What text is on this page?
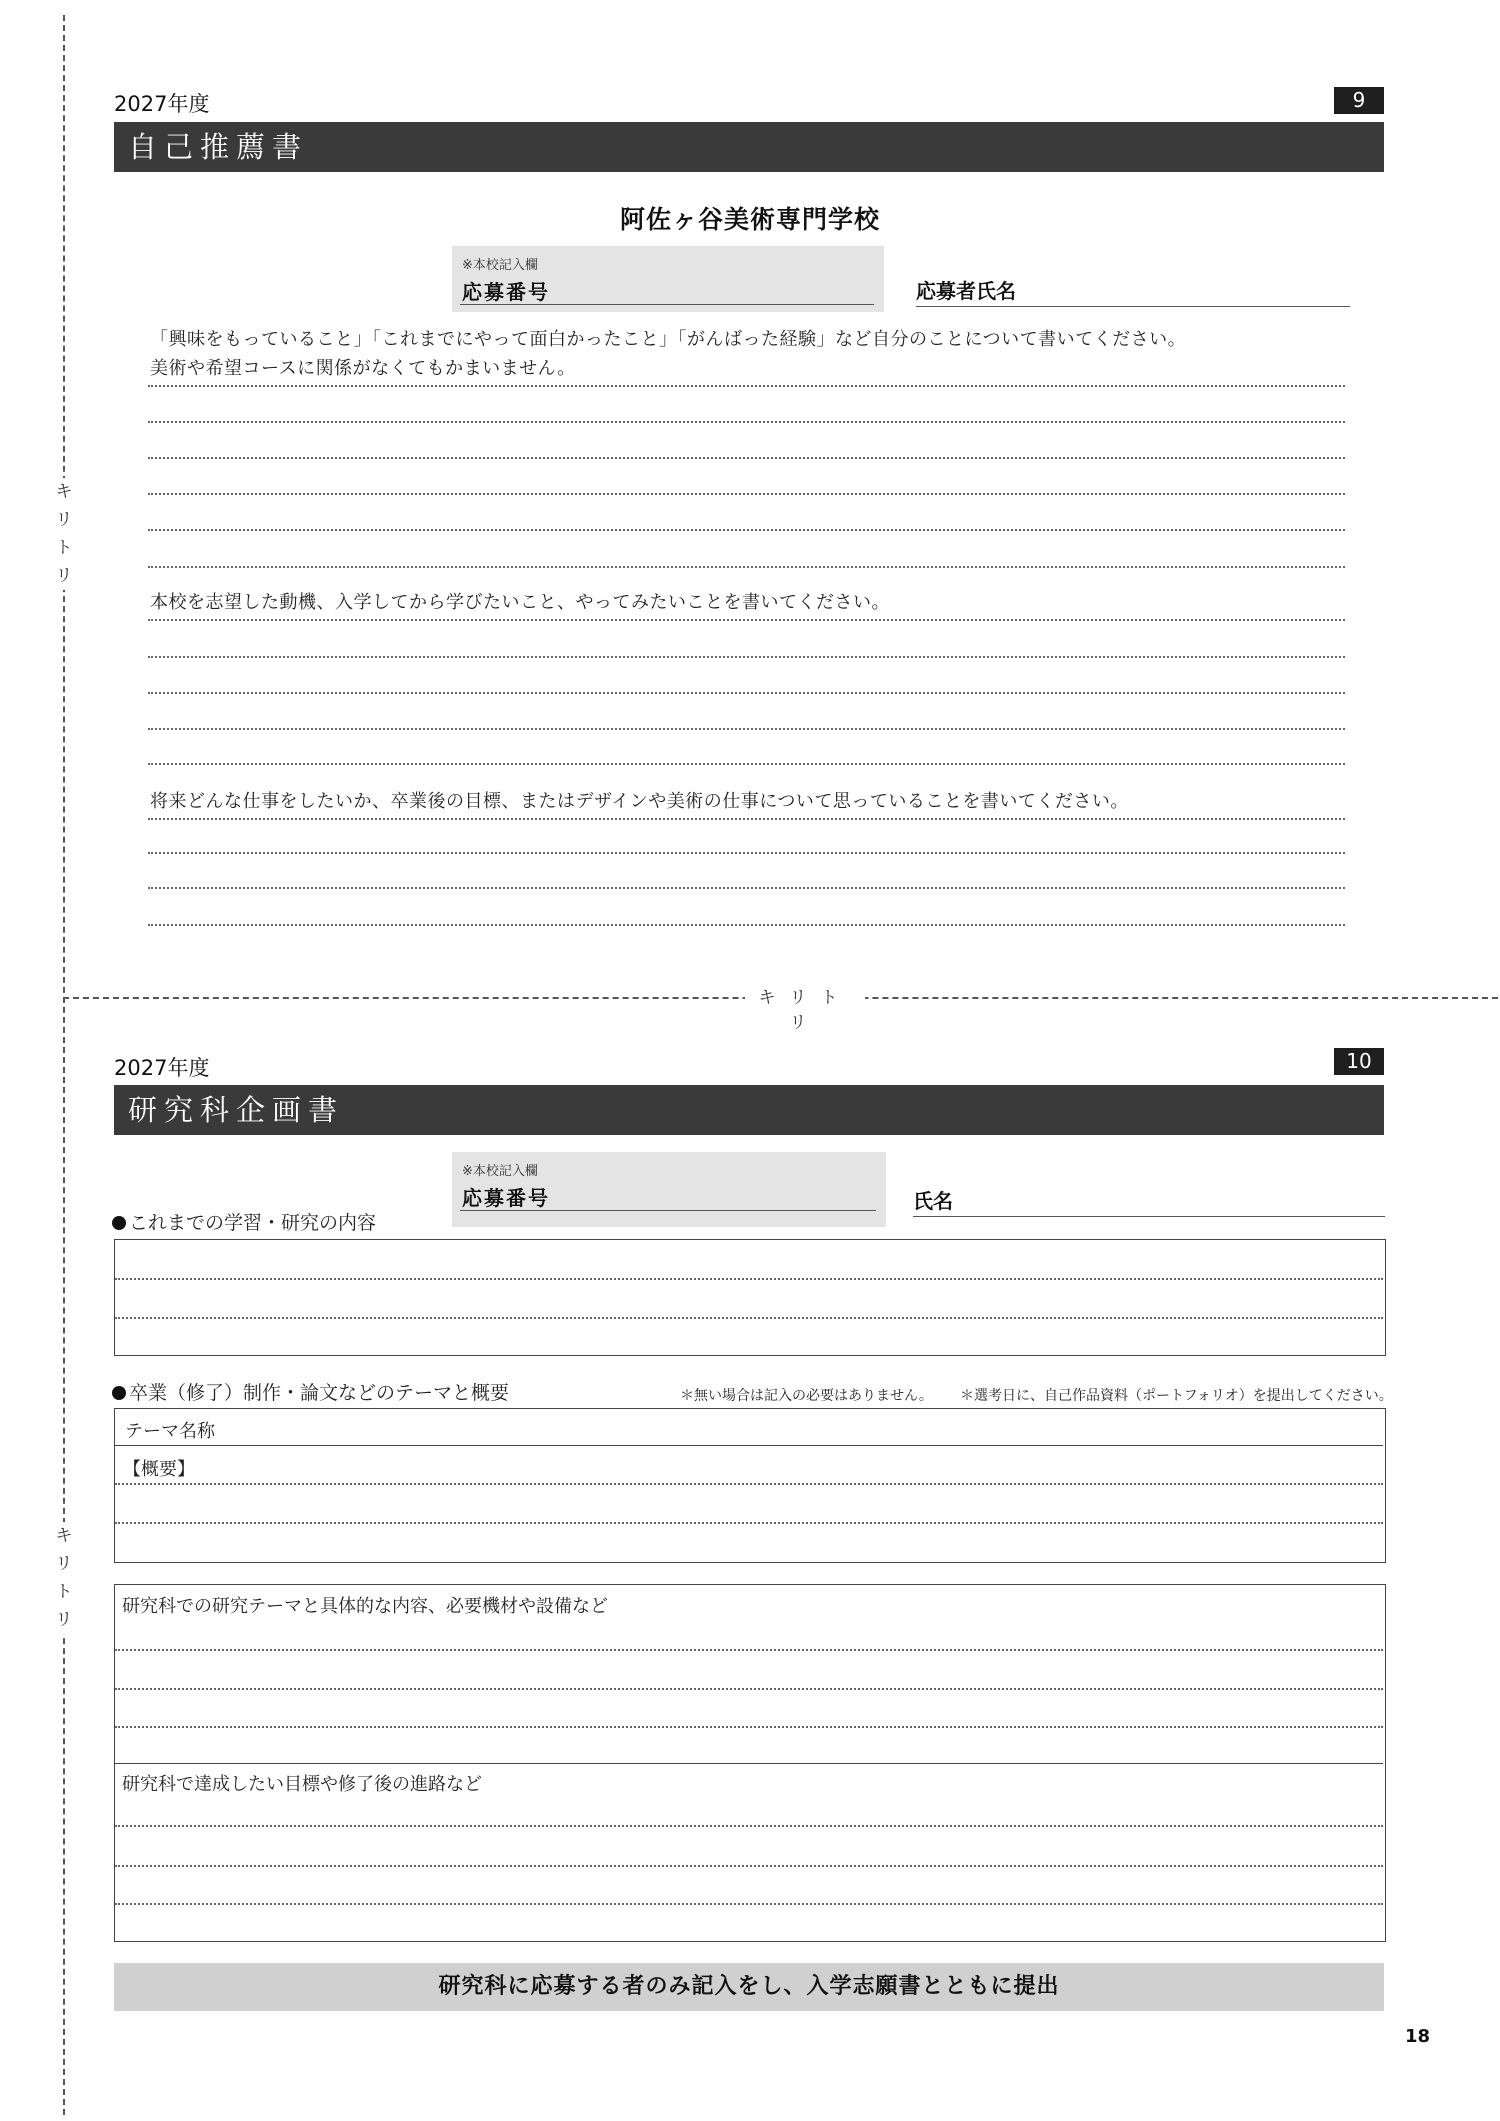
キ
リ
ト
リ
キ
リ
ト
リ
キリトリ
2027年度	9
自己推薦書
阿佐ヶ谷美術専門学校
※本校記入欄
応募番号	応募者氏名
「興味をもっていること」「これまでにやって面白かったこと」「がんばった経験」など自分のことについて書いてください。
美術や希望コースに関係がなくてもかまいません。
本校を志望した動機、入学してから学びたいこと、やってみたいことを書いてください。
将来どんな仕事をしたいか、卒業後の目標、またはデザインや美術の仕事について思っていることを書いてください。
2027年度	10
研究科企画書
※本校記入欄
応募番号	氏名
これまでの学習・研究の内容
卒業（修了）制作・論文などのテーマと概要	＊無い場合は記入の必要はありません。 ＊選考日に、自己作品資料（ポートフォリオ）を提出してください。
テーマ名称
【概要】
研究科での研究テーマと具体的な内容、必要機材や設備など
研究科で達成したい目標や修了後の進路など
研究科に応募する者のみ記入をし、入学志願書とともに提出
18
